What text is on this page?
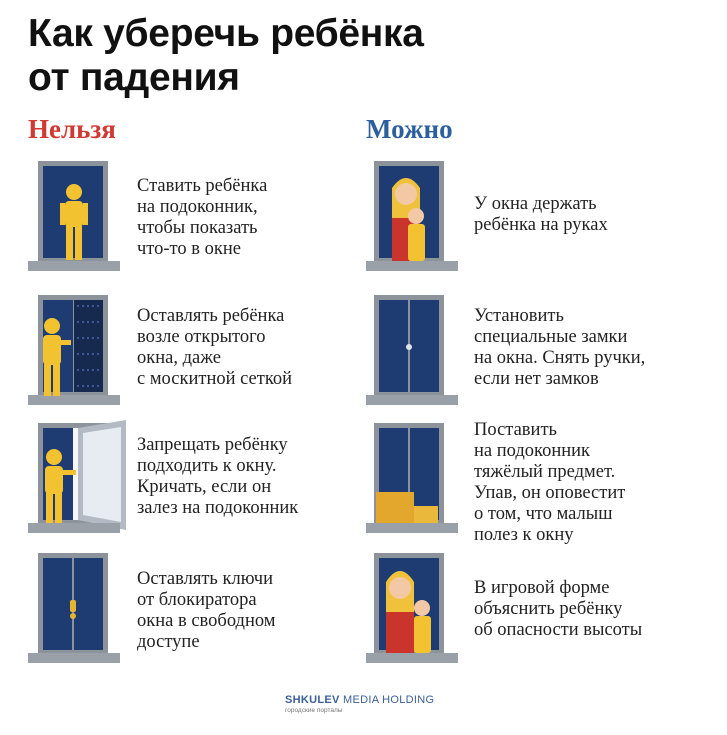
Как уберечь ребёнка
от падения
Нельзя	Можно
Ставить ребёнка
на подоконник,
чтобы показать
что-то в окне
Оставлять ребёнка
возле открытого
окна, даже
с москитной сеткой
Запрещать ребёнку
подходить к окну.
Кричать, если он
залез на подоконник
Оставлять ключи
от блокиратора
окна в свободном
доступе
У окна держать
ребёнка на руках
Установить
специальные замки
на окна. Снять ручки,
если нет замков
Поставить
на подоконник
тяжёлый предмет.
Упав, он оповестит
о том, что малыш
полез к окну
В игровой форме
объяснить ребёнку
об опасности высоты
SHKULEV MEDIA HOLDING
городские порталы
